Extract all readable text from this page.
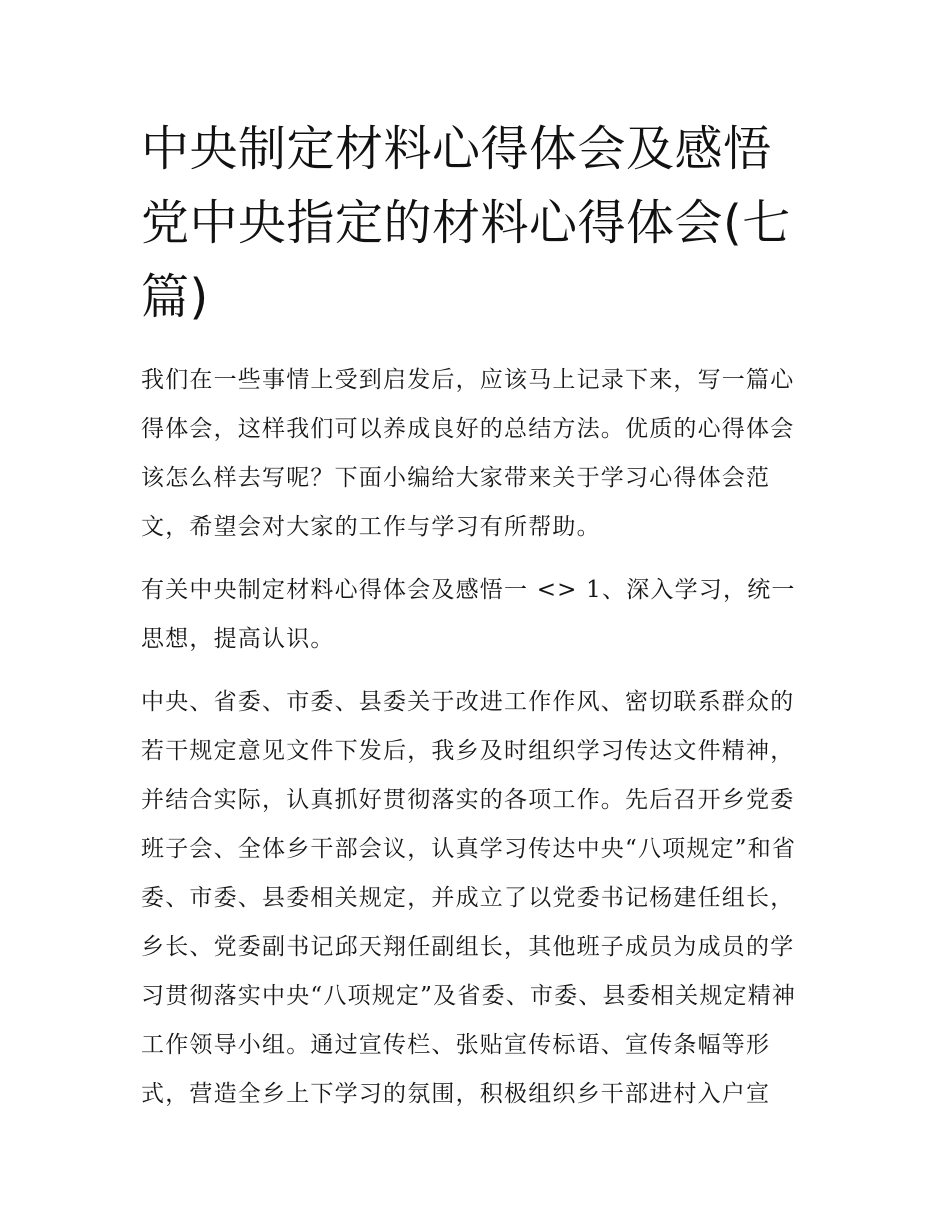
中央制定材料心得体会及感悟党中央指定的材料心得体会(七篇)

我们在一些事情上受到启发后，应该马上记录下来，写一篇心得体会，这样我们可以养成良好的总结方法。优质的心得体会该怎么样去写呢？下面小编给大家带来关于学习心得体会范文，希望会对大家的工作与学习有所帮助。

有关中央制定材料心得体会及感悟一 <> 1、深入学习，统一思想，提高认识。

中央、省委、市委、县委关于改进工作作风、密切联系群众的若干规定意见文件下发后，我乡及时组织学习传达文件精神，并结合实际，认真抓好贯彻落实的各项工作。先后召开乡党委班子会、全体乡干部会议，认真学习传达中央“八项规定”和省委、市委、县委相关规定，并成立了以党委书记杨建任组长，乡长、党委副书记邱天翔任副组长，其他班子成员为成员的学习贯彻落实中央“八项规定”及省委、市委、县委相关规定精神工作领导小组。通过宣传栏、张贴宣传标语、宣传条幅等形式，营造全乡上下学习的氛围，积极组织乡干部进村入户宣
